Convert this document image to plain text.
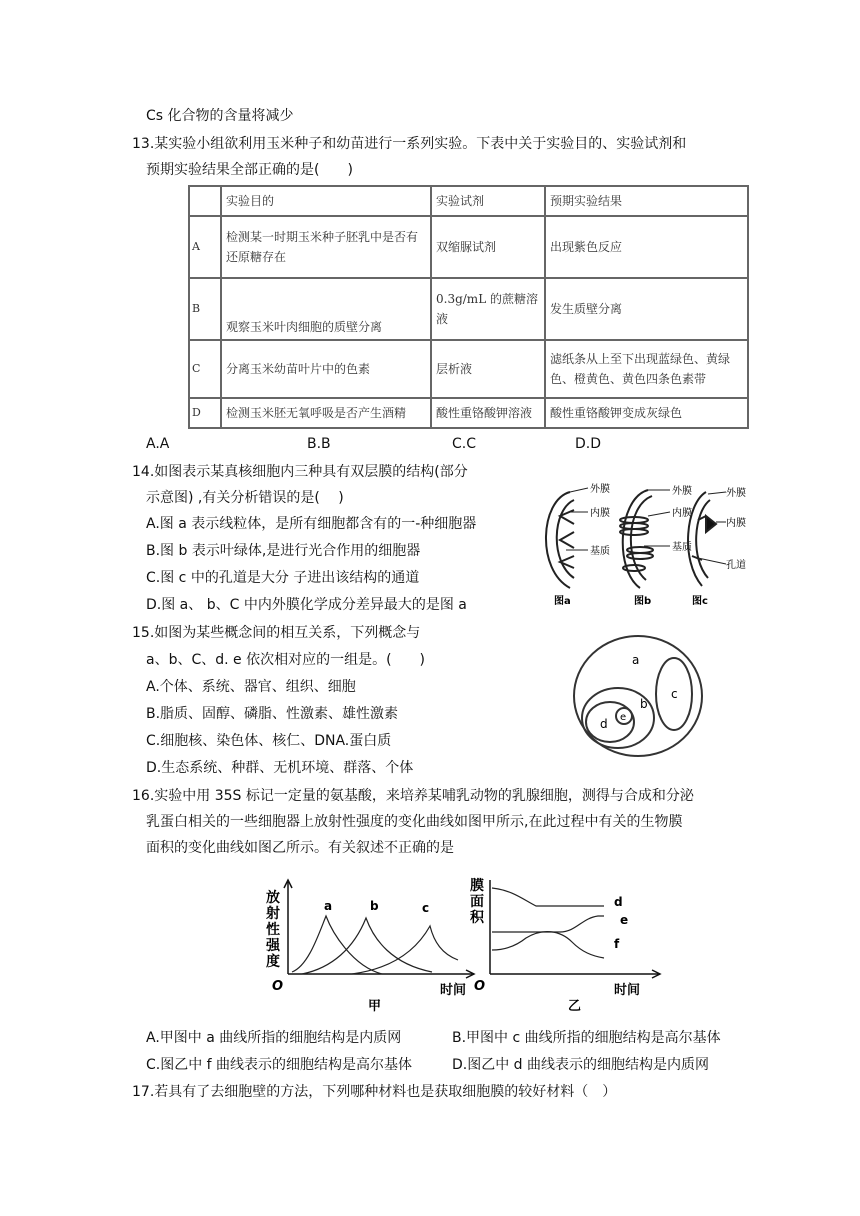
Cs 化合物的含量将减少
13.某实验小组欲利用玉米种子和幼苗进行一系列实验。下表中关于实验目的、实验试剂和
预期实验结果全部正确的是(　　)
	实验目的	实验试剂	预期实验结果
A	检测某一时期玉米种子胚乳中是否有还原糖存在	双缩脲试剂	出现紫色反应
B	观察玉米叶肉细胞的质壁分离	0.3g/mL 的蔗糖溶液	发生质壁分离
C	分离玉米幼苗叶片中的色素	层析液	滤纸条从上至下出现蓝绿色、黄绿色、橙黄色、黄色四条色素带
D	检测玉米胚无氧呼吸是否产生酒精	酸性重铬酸钾溶液	酸性重铬酸钾变成灰绿色
A.A	B.B	C.C	D.D
14.如图表示某真核细胞内三种具有双层膜的结构(部分
示意图) ,有关分析错误的是(　 )
A.图 a 表示线粒体，是所有细胞都含有的一-种细胞器
B.图 b 表示叶绿体,是进行光合作用的细胞器
C.图 c 中的孔道是大分 子进出该结构的通道
D.图 a、 b、C 中内外膜化学成分差异最大的是图 a
外膜
内膜
基质
图a
外膜
内膜
基质
图b
外膜
内膜
孔道
图c
15.如图为某些概念间的相互关系，下列概念与
a、b、C、d. e 依次相对应的一组是。(　　)
A.个体、系统、器官、组织、细胞
B.脂质、固醇、磷脂、性激素、雄性激素
C.细胞核、染色体、核仁、DNA.蛋白质
D.生态系统、种群、无机环境、群落、个体
a
b
c
d e
16.实验中用 35S 标记一定量的氨基酸，来培养某哺乳动物的乳腺细胞，测得与合成和分泌
乳蛋白相关的一些细胞器上放射性强度的变化曲线如图甲所示,在此过程中有关的生物膜
面积的变化曲线如图乙所示。有关叙述不正确的是
放
射
性
强
度
O	时间
a	b	c
甲
膜
面
积
O	时间
d
e
f
乙
A.甲图中 a 曲线所指的细胞结构是内质网	B.甲图中 c 曲线所指的细胞结构是高尔基体
C.图乙中 f 曲线表示的细胞结构是高尔基体	D.图乙中 d 曲线表示的细胞结构是内质网
17.若具有了去细胞壁的方法，下列哪种材料也是获取细胞膜的较好材料（　）
